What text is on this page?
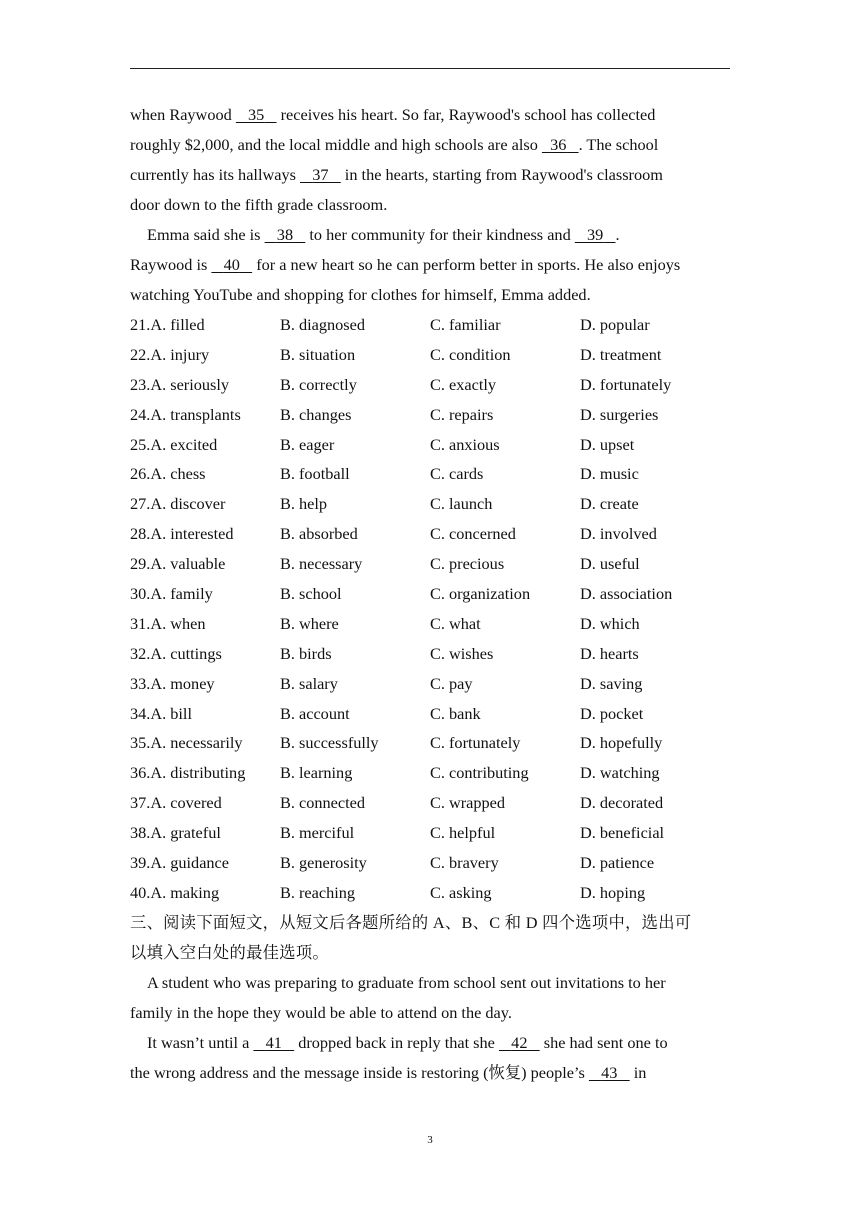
when Raywood    35    receives his heart. So far, Raywood's school has collected
roughly $2,000, and the local middle and high schools are also   36 . The school
currently has its hallways    37    in the hearts, starting from Raywood's classroom
door down to the fifth grade classroom.
Emma said she is    38    to her community for their kindness and    39 .
Raywood is    40    for a new heart so he can perform better in sports. He also enjoys
watching YouTube and shopping for clothes for himself, Emma added.
21.A. filled	B. diagnosed	C. familiar	D. popular
22.A. injury	B. situation	C. condition	D. treatment
23.A. seriously	B. correctly	C. exactly	D. fortunately
24.A. transplants	B. changes	C. repairs	D. surgeries
25.A. excited	B. eager	C. anxious	D. upset
26.A. chess	B. football	C. cards	D. music
27.A. discover	B. help	C. launch	D. create
28.A. interested	B. absorbed	C. concerned	D. involved
29.A. valuable	B. necessary	C. precious	D. useful
30.A. family	B. school	C. organization	D. association
31.A. when	B. where	C. what	D. which
32.A. cuttings	B. birds	C. wishes	D. hearts
33.A. money	B. salary	C. pay	D. saving
34.A. bill	B. account	C. bank	D. pocket
35.A. necessarily	B. successfully	C. fortunately	D. hopefully
36.A. distributing	B. learning	C. contributing	D. watching
37.A. covered	B. connected	C. wrapped	D. decorated
38.A. grateful	B. merciful	C. helpful	D. beneficial
39.A. guidance	B. generosity	C. bravery	D. patience
40.A. making	B. reaching	C. asking	D. hoping
三、阅读下面短文，从短文后各题所给的 A、B、C 和 D 四个选项中，选出可
以填入空白处的最佳选项。
A student who was preparing to graduate from school sent out invitations to her
family in the hope they would be able to attend on the day.
It wasn’t until a    41    dropped back in reply that she    42    she had sent one to
the wrong address and the message inside is restoring (恢复) people’s    43    in
3
